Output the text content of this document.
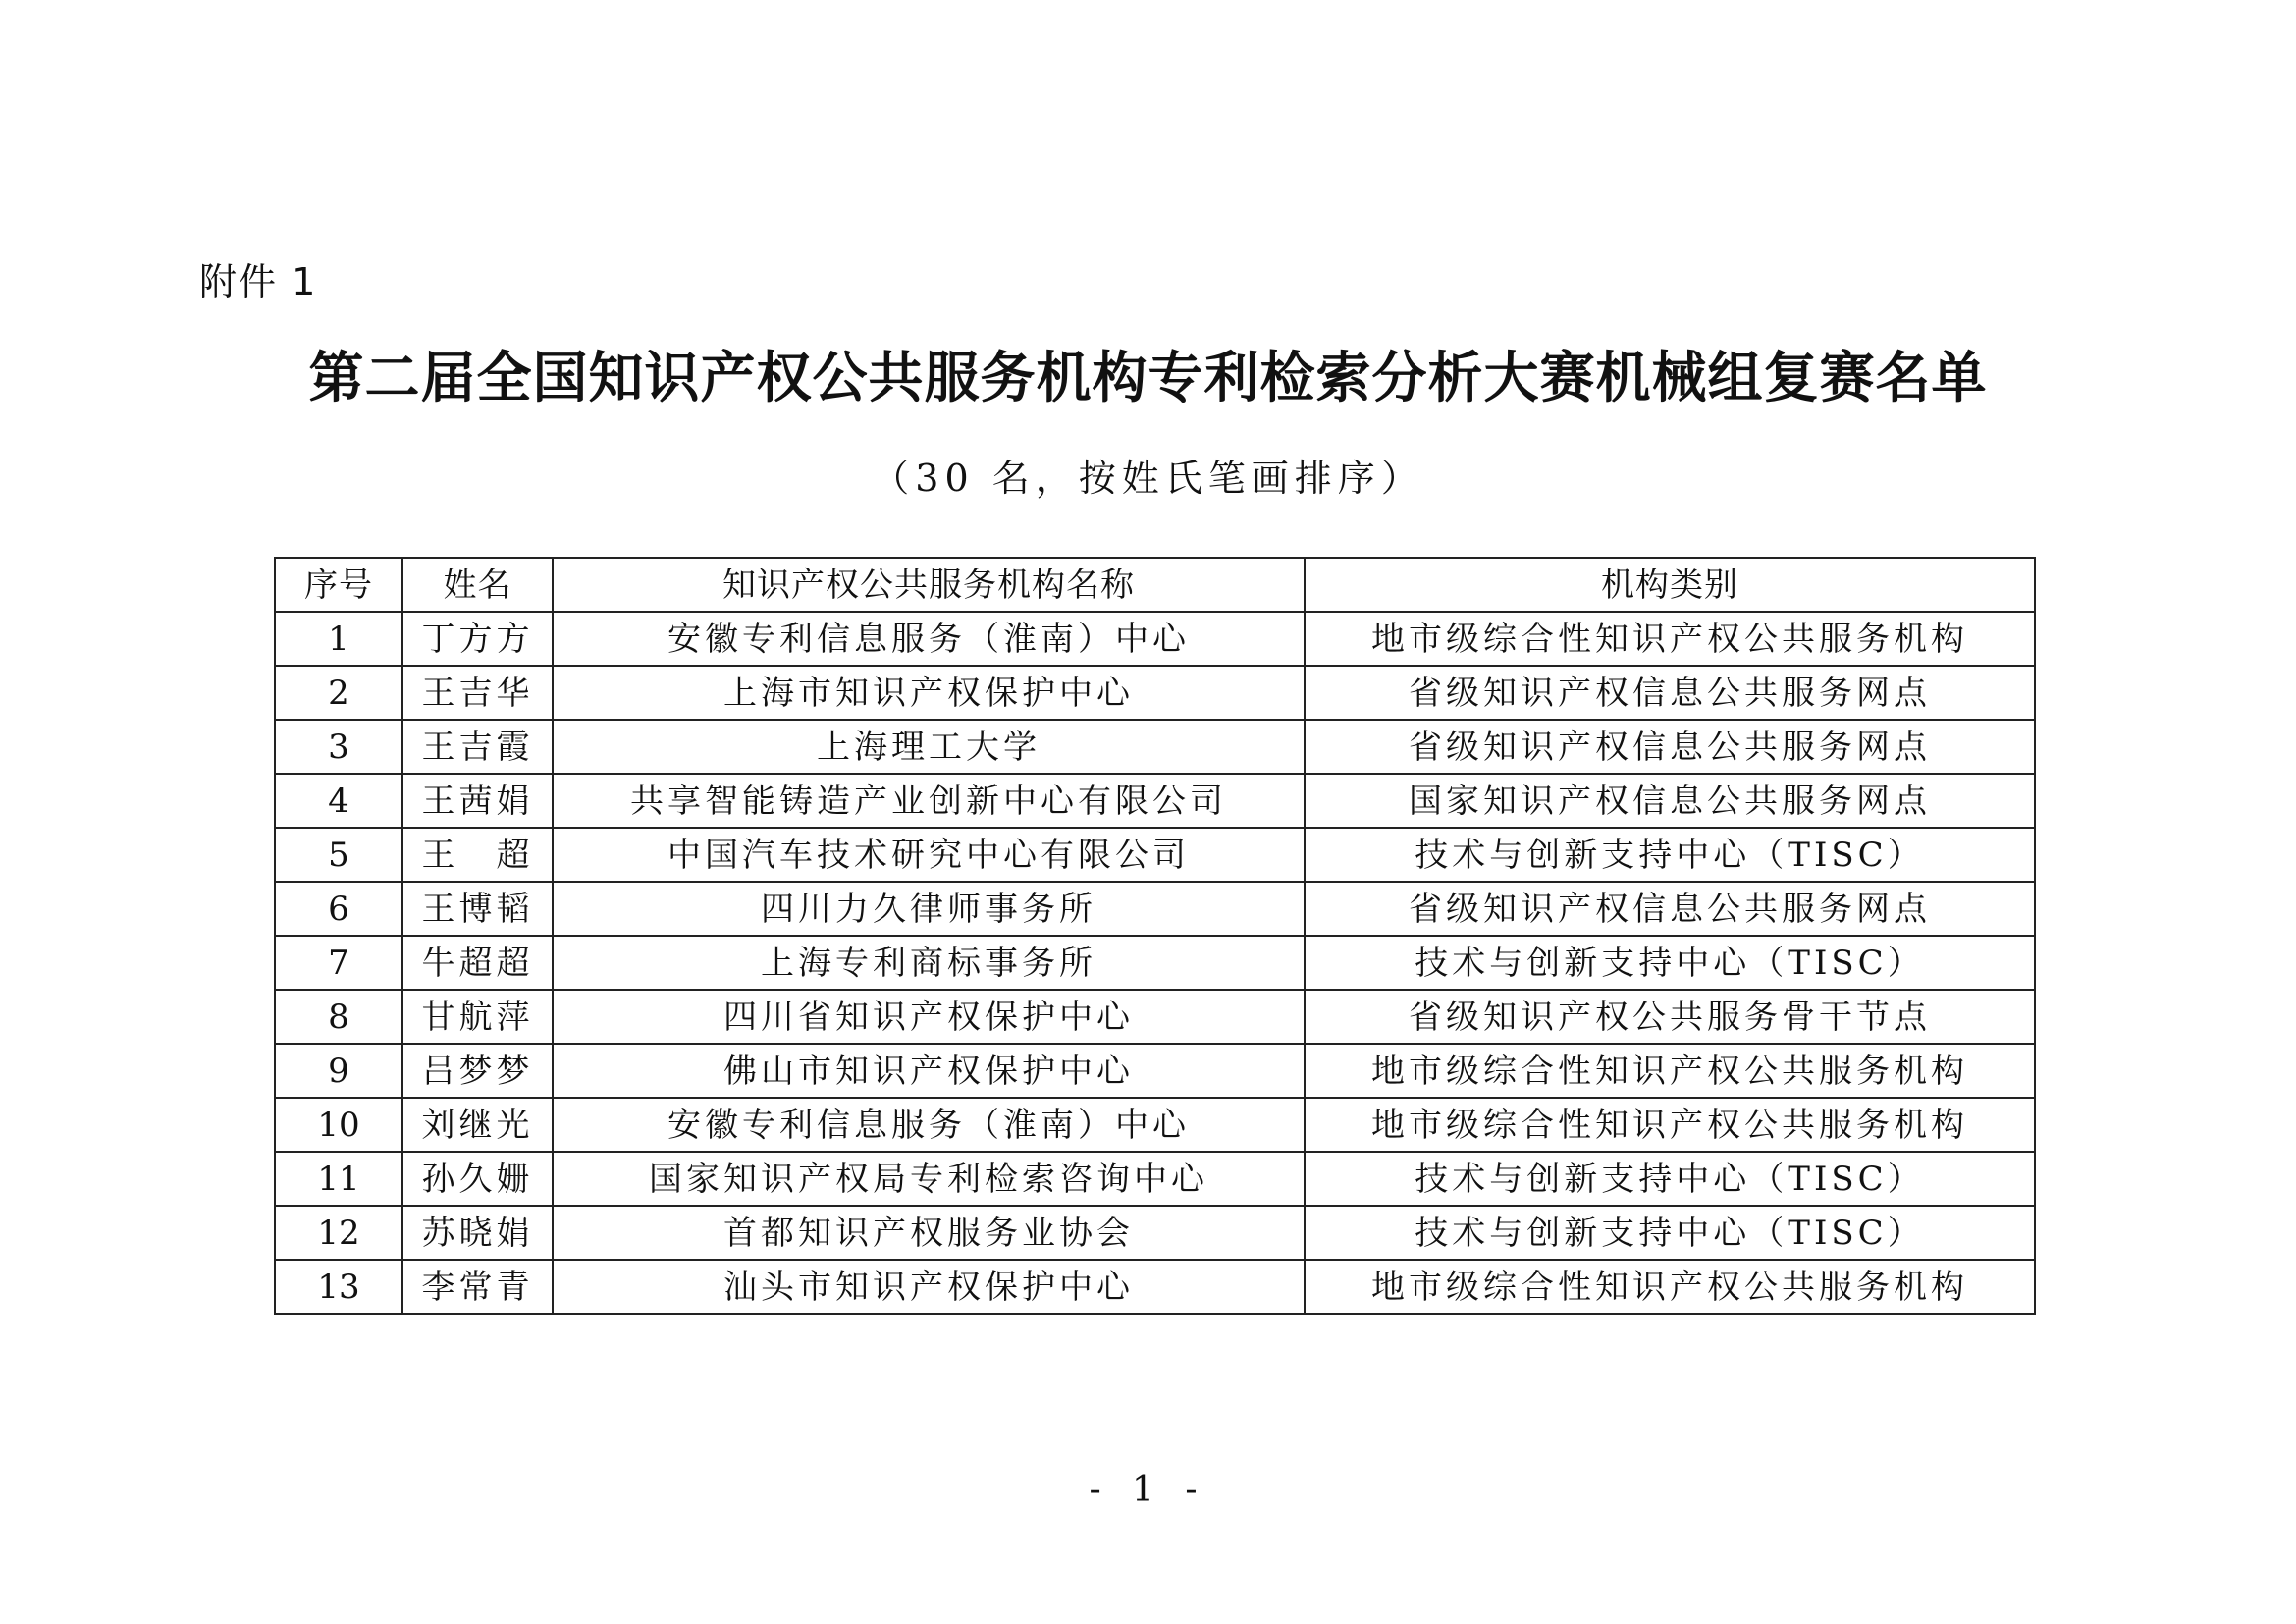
附件 1
第二届全国知识产权公共服务机构专利检索分析大赛机械组复赛名单
（30 名，按姓氏笔画排序）
序号	姓名	知识产权公共服务机构名称	机构类别
1	丁方方	安徽专利信息服务（淮南）中心	地市级综合性知识产权公共服务机构
2	王吉华	上海市知识产权保护中心	省级知识产权信息公共服务网点
3	王吉霞	上海理工大学	省级知识产权信息公共服务网点
4	王茜娟	共享智能铸造产业创新中心有限公司	国家知识产权信息公共服务网点
5	王　超	中国汽车技术研究中心有限公司	技术与创新支持中心（TISC）
6	王博韬	四川力久律师事务所	省级知识产权信息公共服务网点
7	牛超超	上海专利商标事务所	技术与创新支持中心（TISC）
8	甘航萍	四川省知识产权保护中心	省级知识产权公共服务骨干节点
9	吕梦梦	佛山市知识产权保护中心	地市级综合性知识产权公共服务机构
10	刘继光	安徽专利信息服务（淮南）中心	地市级综合性知识产权公共服务机构
11	孙久姗	国家知识产权局专利检索咨询中心	技术与创新支持中心（TISC）
12	苏晓娟	首都知识产权服务业协会	技术与创新支持中心（TISC）
13	李常青	汕头市知识产权保护中心	地市级综合性知识产权公共服务机构
- 1 -
